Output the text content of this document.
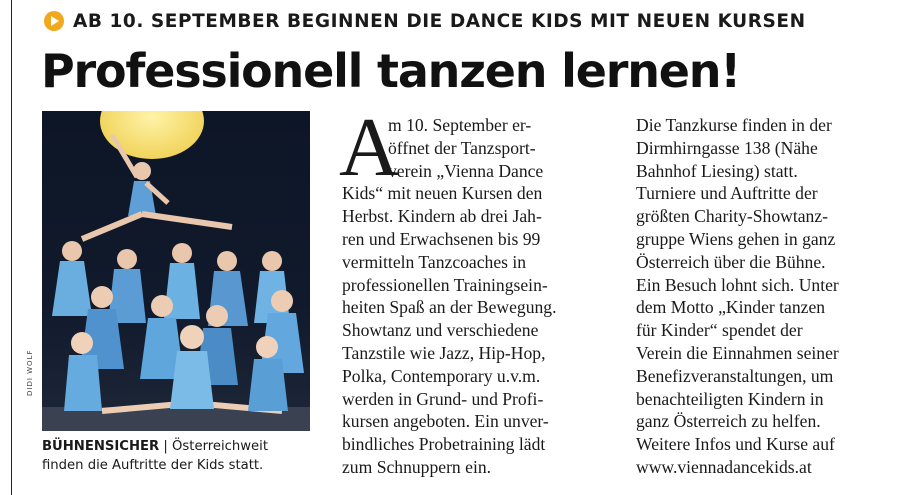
AB 10. SEPTEMBER BEGINNEN DIE DANCE KIDS MIT NEUEN KURSEN
Professionell tanzen lernen!
DIDI WOLF
BÜHNENSICHER | Österreichweit
finden die Auftritte der Kids statt.
A
m 10. September er-
öffnet der Tanzsport-
verein „Vienna Dance
Kids“ mit neuen Kursen den
Herbst. Kindern ab drei Jah-
ren und Erwachsenen bis 99
vermitteln Tanzcoaches in
professionellen Trainingsein-
heiten Spaß an der Bewegung.
Showtanz und verschiedene
Tanzstile wie Jazz, Hip-Hop,
Polka, Contemporary u.v.m.
werden in Grund- und Profi-
kursen angeboten. Ein unver-
bindliches Probetraining lädt
zum Schnuppern ein.
Die Tanzkurse finden in der
Dirmhirngasse 138 (Nähe
Bahnhof Liesing) statt.
Turniere und Auftritte der
größten Charity-Showtanz-
gruppe Wiens gehen in ganz
Österreich über die Bühne.
Ein Besuch lohnt sich. Unter
dem Motto „Kinder tanzen
für Kinder“ spendet der
Verein die Einnahmen seiner
Benefizveranstaltungen, um
benachteiligten Kindern in
ganz Österreich zu helfen.
Weitere Infos und Kurse auf
www.viennadancekids.at
